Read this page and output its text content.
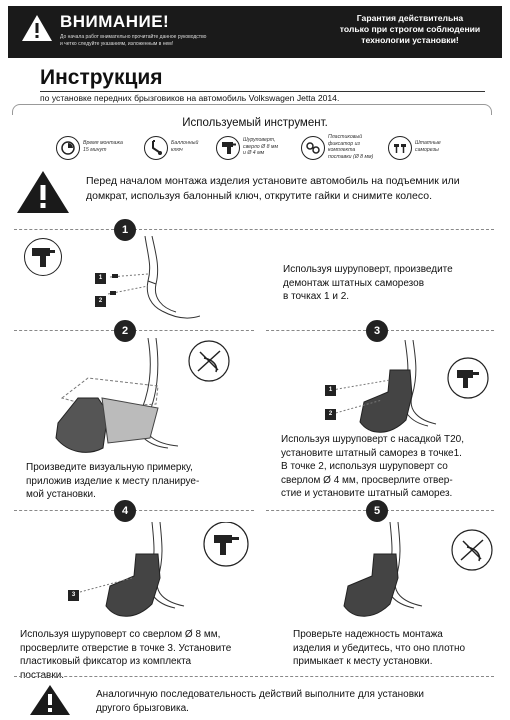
ВНИМАНИЕ!
До начала работ внимательно прочитайте данное руководство
и четко следуйте указаниям, изложенным в нем!
Гарантия действительна
только при строгом соблюдении
технологии установки!
Инструкция
по установке передних брызговиков на автомобиль Volkswagen Jetta 2014.
Используемый инструмент.
Время монтажа
15 минут
Баллонный
ключ
Шуруповерт,
сверло Ø 8 мм
и Ø 4 мм
Пластиковый
фиксатор из
комплекта
поставки (Ø 8 мм)
Штатные
саморезы
Перед началом монтажа изделия установите автомобиль на подъемник или
домкрат, используя балонный ключ, открутите гайки и снимите колесо.
1
1
2
Используя шуруповерт, произведите
демонтаж штатных саморезов
в точках 1 и 2.
2	3
Произведите визуальную примерку,
приложив изделие к месту планируе-
мой установки.
1
2
Используя шуруповерт с насадкой T20,
установите штатный саморез в точке1.
В точке 2, используя шуруповерт со
сверлом Ø 4 мм, просверлите отвер-
стие и установите штатный саморез.
4	5
3
Используя шуруповерт со сверлом Ø 8 мм,
просверлите отверстие в точке 3. Установите
пластиковый фиксатор из комплекта
поставки.
Проверьте надежность монтажа
изделия и убедитесь, что оно плотно
примыкает к месту установки.
Аналогичную последовательность действий выполните для установки
другого брызговика.
